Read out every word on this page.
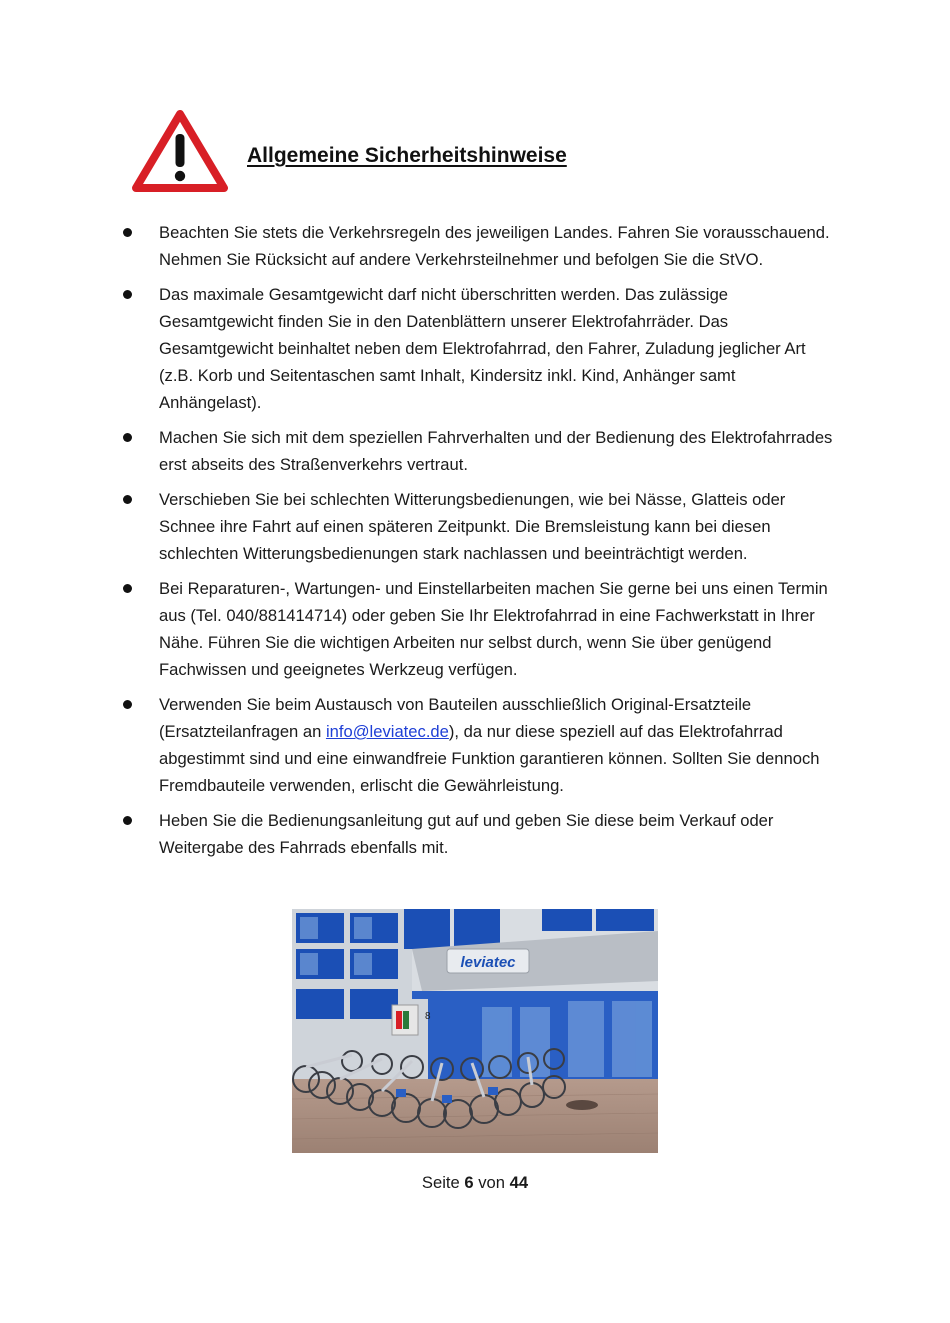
Allgemeine Sicherheitshinweise
Beachten Sie stets die Verkehrsregeln des jeweiligen Landes. Fahren Sie vorausschauend. Nehmen Sie Rücksicht auf andere Verkehrsteilnehmer und befolgen Sie die StVO.
Das maximale Gesamtgewicht darf nicht überschritten werden. Das zulässige Gesamtgewicht finden Sie in den Datenblättern unserer Elektrofahrräder. Das Gesamtgewicht beinhaltet neben dem Elektrofahrrad, den Fahrer, Zuladung jeglicher Art (z.B. Korb und Seitentaschen samt Inhalt, Kindersitz inkl. Kind, Anhänger samt Anhängelast).
Machen Sie sich mit dem speziellen Fahrverhalten und der Bedienung des Elektrofahrrades erst abseits des Straßenverkehrs vertraut.
Verschieben Sie bei schlechten Witterungsbedienungen, wie bei Nässe, Glatteis oder Schnee ihre Fahrt auf einen späteren Zeitpunkt. Die Bremsleistung kann bei diesen schlechten Witterungsbedienungen stark nachlassen und beeinträchtigt werden.
Bei Reparaturen-, Wartungen- und Einstellarbeiten machen Sie gerne bei uns einen Termin aus (Tel. 040/881414714) oder geben Sie Ihr Elektrofahrrad in eine Fachwerkstatt in Ihrer Nähe. Führen Sie die wichtigen Arbeiten nur selbst durch, wenn Sie über genügend Fachwissen und geeignetes Werkzeug verfügen.
Verwenden Sie beim Austausch von Bauteilen ausschließlich Original-Ersatzteile (Ersatzteilanfragen an info@leviatec.de), da nur diese speziell auf das Elektrofahrrad abgestimmt sind und eine einwandfreie Funktion garantieren können. Sollten Sie dennoch Fremdbauteile verwenden, erlischt die Gewährleistung.
Heben Sie die Bedienungsanleitung gut auf und geben Sie diese beim Verkauf oder Weitergabe des Fahrrads ebenfalls mit.
leviatec
8
Seite 6 von 44
